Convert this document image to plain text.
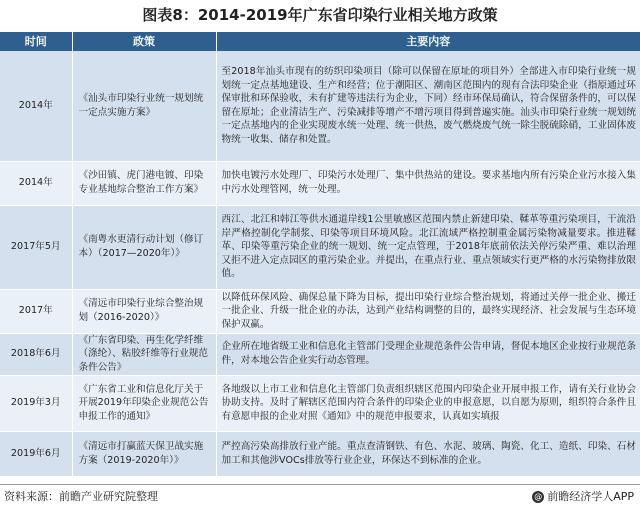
图表8：2014-2019年广东省印染行业相关地方政策
时间	政策	主要内容
2014年	《汕头市印染行业统一规划统一定点实施方案》	至2018年汕头市现有的纺织印染项目（除可以保留在原址的项目外）全部进入市印染行业统一规划统一定点基地建设、生产和经营；位于潮阳区、潮南区范围内的现有合法印染企业（指原通过环保审批和环保验收，未有扩建等违法行为企业，下同）经市环保局确认，符合保留条件的，可以保留在原址；企业清洁生产、污染减排等增产不增污项目得到普遍实施。汕头市印染行业统一规划统一定点基地内的企业实现废水统一处理、统一供热，废气燃烧废气统一除尘脱硫除硝，工业固体废物统一收集、储存和处置。
2014年	《沙田镇、虎门港电镀、印染专业基地综合整治工作方案》	加快电镀污水处理厂、印染污水处理厂、集中供热站的建设。要求基地内所有污染企业污水接入集中污水处理管网，统一处理。
2017年5月	《南粤水更清行动计划（修订本）（2017—2020年）》	西江、北江和韩江等供水通道岸线1公里敏感区范围内禁止新建印染、鞣革等重污染项目，干流沿岸严格控制化学制浆、印染等项目环境风险。北江流域严格控制重金属污染物减量要求。推进鞣革、印染等重污染企业的统一规划、统一定点管理，于2018年底前依法关停污染严重、难以治理又拒不进入定点园区的重污染企业。并提出，在重点行业、重点领域实行更严格的水污染物排放限值。
2017年	《清远市印染行业综合整治规划（2016-2020）》	以降低环保风险、确保总量下降为目标，提出印染行业综合整治规划，将通过关停一批企业、搬迁一批企业、升级一批企业的办法，达到产业结构调整的目的，最终实现经济、社会发展与生态环境保护双赢。
2018年6月	《广东省印染、再生化学纤维（涤纶）、粘胶纤维等行业规范条件公告》	企业所在地省级工业和信息化主管部门受理企业规范条件公告申请，督促本地区企业按行业规范条件，对本地公告企业实行动态管理。
2019年3月	《广东省工业和信息化厅关于开展2019年印染企业规范公告申报工作的通知》	各地级以上市工业和信息化主管部门负责组织辖区范围内印染企业开展申报工作，请有关行业协会协助支持。及时了解辖区范围内符合条件的印染企业的申报意愿，以自愿为原则，组织符合条件且有意愿申报的企业对照《通知》中的规范申报要求，认真如实填报
2019年6月	《清远市打赢蓝天保卫战实施方案（2019-2020年）》	严控高污染高排放行业产能。重点查清钢铁、有色、水泥、玻璃、陶瓷、化工、造纸、印染、石材加工和其他涉VOCs排放等行业企业，环保达不到标准的企业。
资料来源：前瞻产业研究院整理	@ 前瞻经济学人APP
